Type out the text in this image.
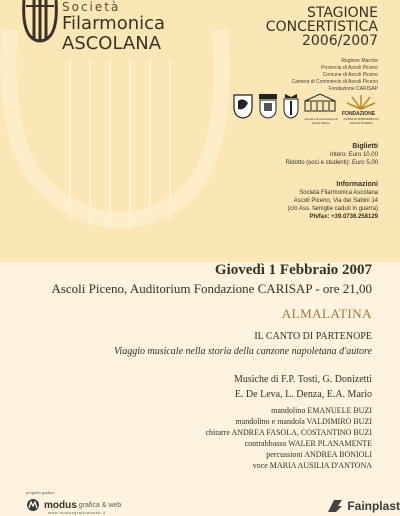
Società
Filarmonica
ASCOLANA
STAGIONE
CONCERTISTICA
2006/2007
Regione Marche
Provincia di Ascoli Piceno
Comune di Ascoli Piceno
Camera di Commercio di Ascoli Piceno
Fondazione CARISAP
FONDAZIONE
CASSA DI RISPARMIO DI ASCOLI PICENO
Camera di Commercio di Ascoli Piceno
Biglietti
Intero: Euro 10,00
Ridotto (soci e studenti): Euro 5,00
Informazioni
Società Filarmonica Ascolana
Ascoli Piceno, Via dei Sabini 14
(c/o Ass. famiglie caduti in guerra)
Ph/fax: +39.0736.258129
Giovedì 1 Febbraio 2007
Ascoli Piceno, Auditorium Fondazione CARISAP - ore 21,00
ALMALATINA
IL CANTO DI PARTENOPE
Viaggio musicale nella storia della canzone napoletana d'autore
Musiche di F.P. Tosti, G. Donizetti
E. De Leva, L. Denza, E.A. Mario
mandolino EMANUELE BUZI
mandolino e mandola VALDIMIRO BUZI
chitarre ANDREA FASOLA, COSTANTINO BUZI
contrabbasso WALER PLANAMENTE
percussioni ANDREA BONIOLI
voce MARIA AUSILIA D'ANTONA
progetto grafico:
modus grafica & web
www.modusgraficaeweb.it	Fainplast
